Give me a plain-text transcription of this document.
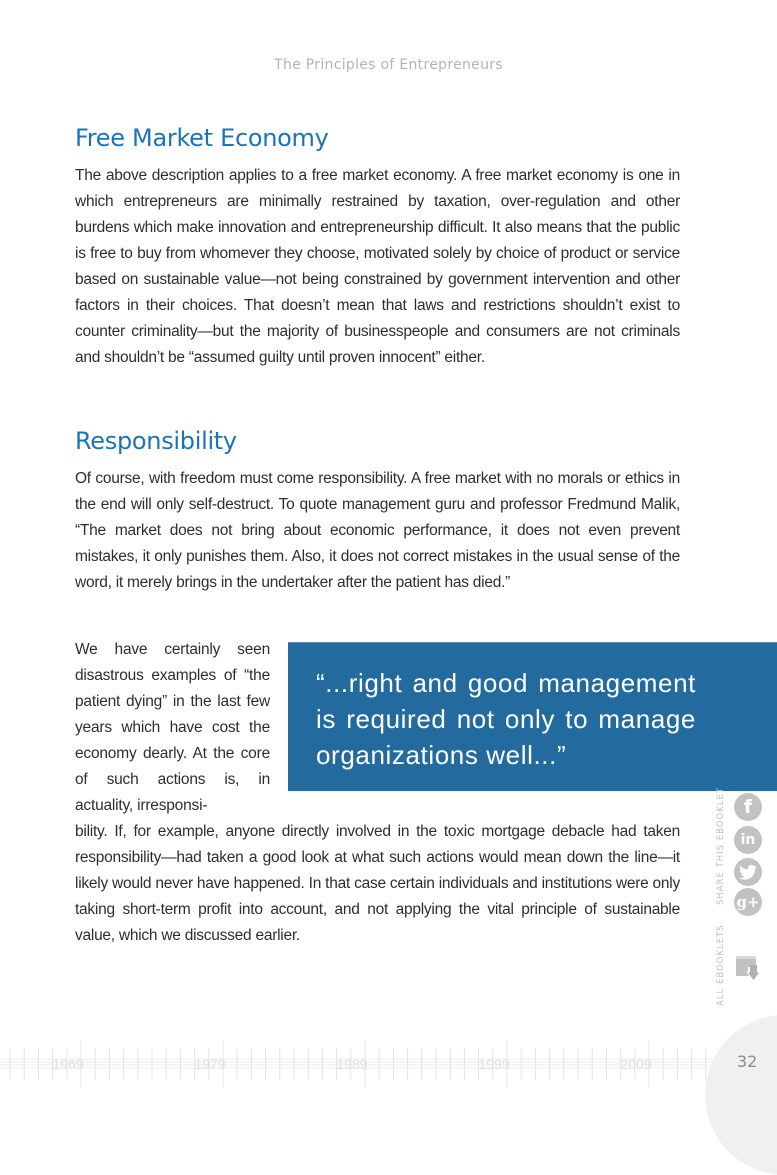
The Principles of Entrepreneurs
Free Market Economy

The above description applies to a free market economy. A free market economy is one in which entrepreneurs are minimally restrained by taxation, over-regulation and other burdens which make innovation and entrepreneurship difficult. It also means that the public is free to buy from whomever they choose, motivated solely by choice of product or service based on sustainable value—not being constrained by government intervention and other factors in their choices. That doesn’t mean that laws and restrictions shouldn’t exist to counter criminality—but the majority of businesspeople and consumers are not criminals and shouldn’t be “assumed guilty until proven innocent” either.

Responsibility

Of course, with freedom must come responsibility. A free market with no morals or ethics in the end will only self-destruct. To quote management guru and professor Fredmund Malik, “The market does not bring about economic performance, it does not even prevent mistakes, it only punishes them. Also, it does not correct mistakes in the usual sense of the word, it merely brings in the undertaker after the patient has died.”

We have certainly seen disastrous examples of “the patient dying” in the last few years which have cost the economy dearly. At the core of such actions is, in actuality, irresponsi-

“...right and good management is required not only to manage organizations well...”

bility. If, for example, anyone directly involved in the toxic mortgage debacle had taken responsibility—had taken a good look at what such actions would mean down the line—it likely would never have happened. In that case certain individuals and institutions were only taking short-term profit into account, and not applying the vital principle of sustainable value, which we discussed earlier.

SHARE THIS EBOOKLET f
in
g+
ALL EBOOKLETS
1969	1979	1989	1999	2009	32
